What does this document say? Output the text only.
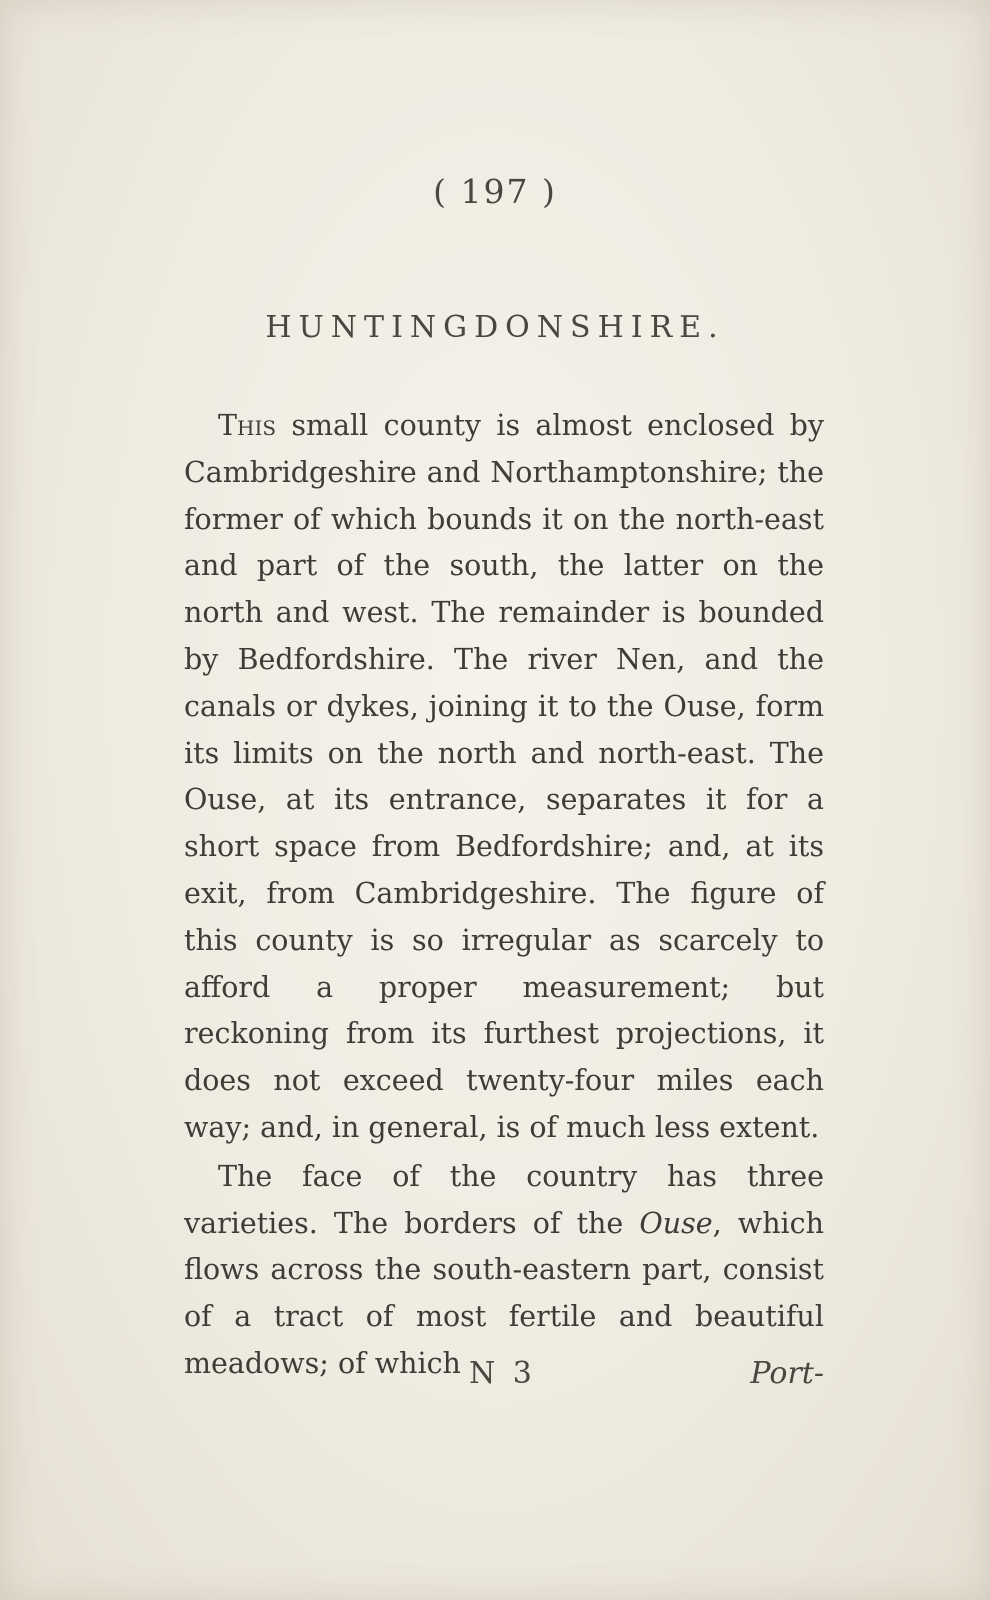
( 197 )
HUNTINGDONSHIRE.

This small county is almost enclosed by Cambridgeshire and Northamptonshire; the former of which bounds it on the north-east and part of the south, the latter on the north and west. The remainder is bounded by Bedfordshire. The river Nen, and the canals or dykes, joining it to the Ouse, form its limits on the north and north-east. The Ouse, at its entrance, separates it for a short space from Bedfordshire; and, at its exit, from Cambridgeshire. The figure of this county is so irregular as scarcely to afford a proper measurement; but reckoning from its furthest projections, it does not exceed twenty-four miles each way; and, in general, is of much less extent.

The face of the country has three varieties. The borders of the Ouse, which flows across the south-eastern part, consist of a tract of most fertile and beautiful meadows; of which N 3	Port-
